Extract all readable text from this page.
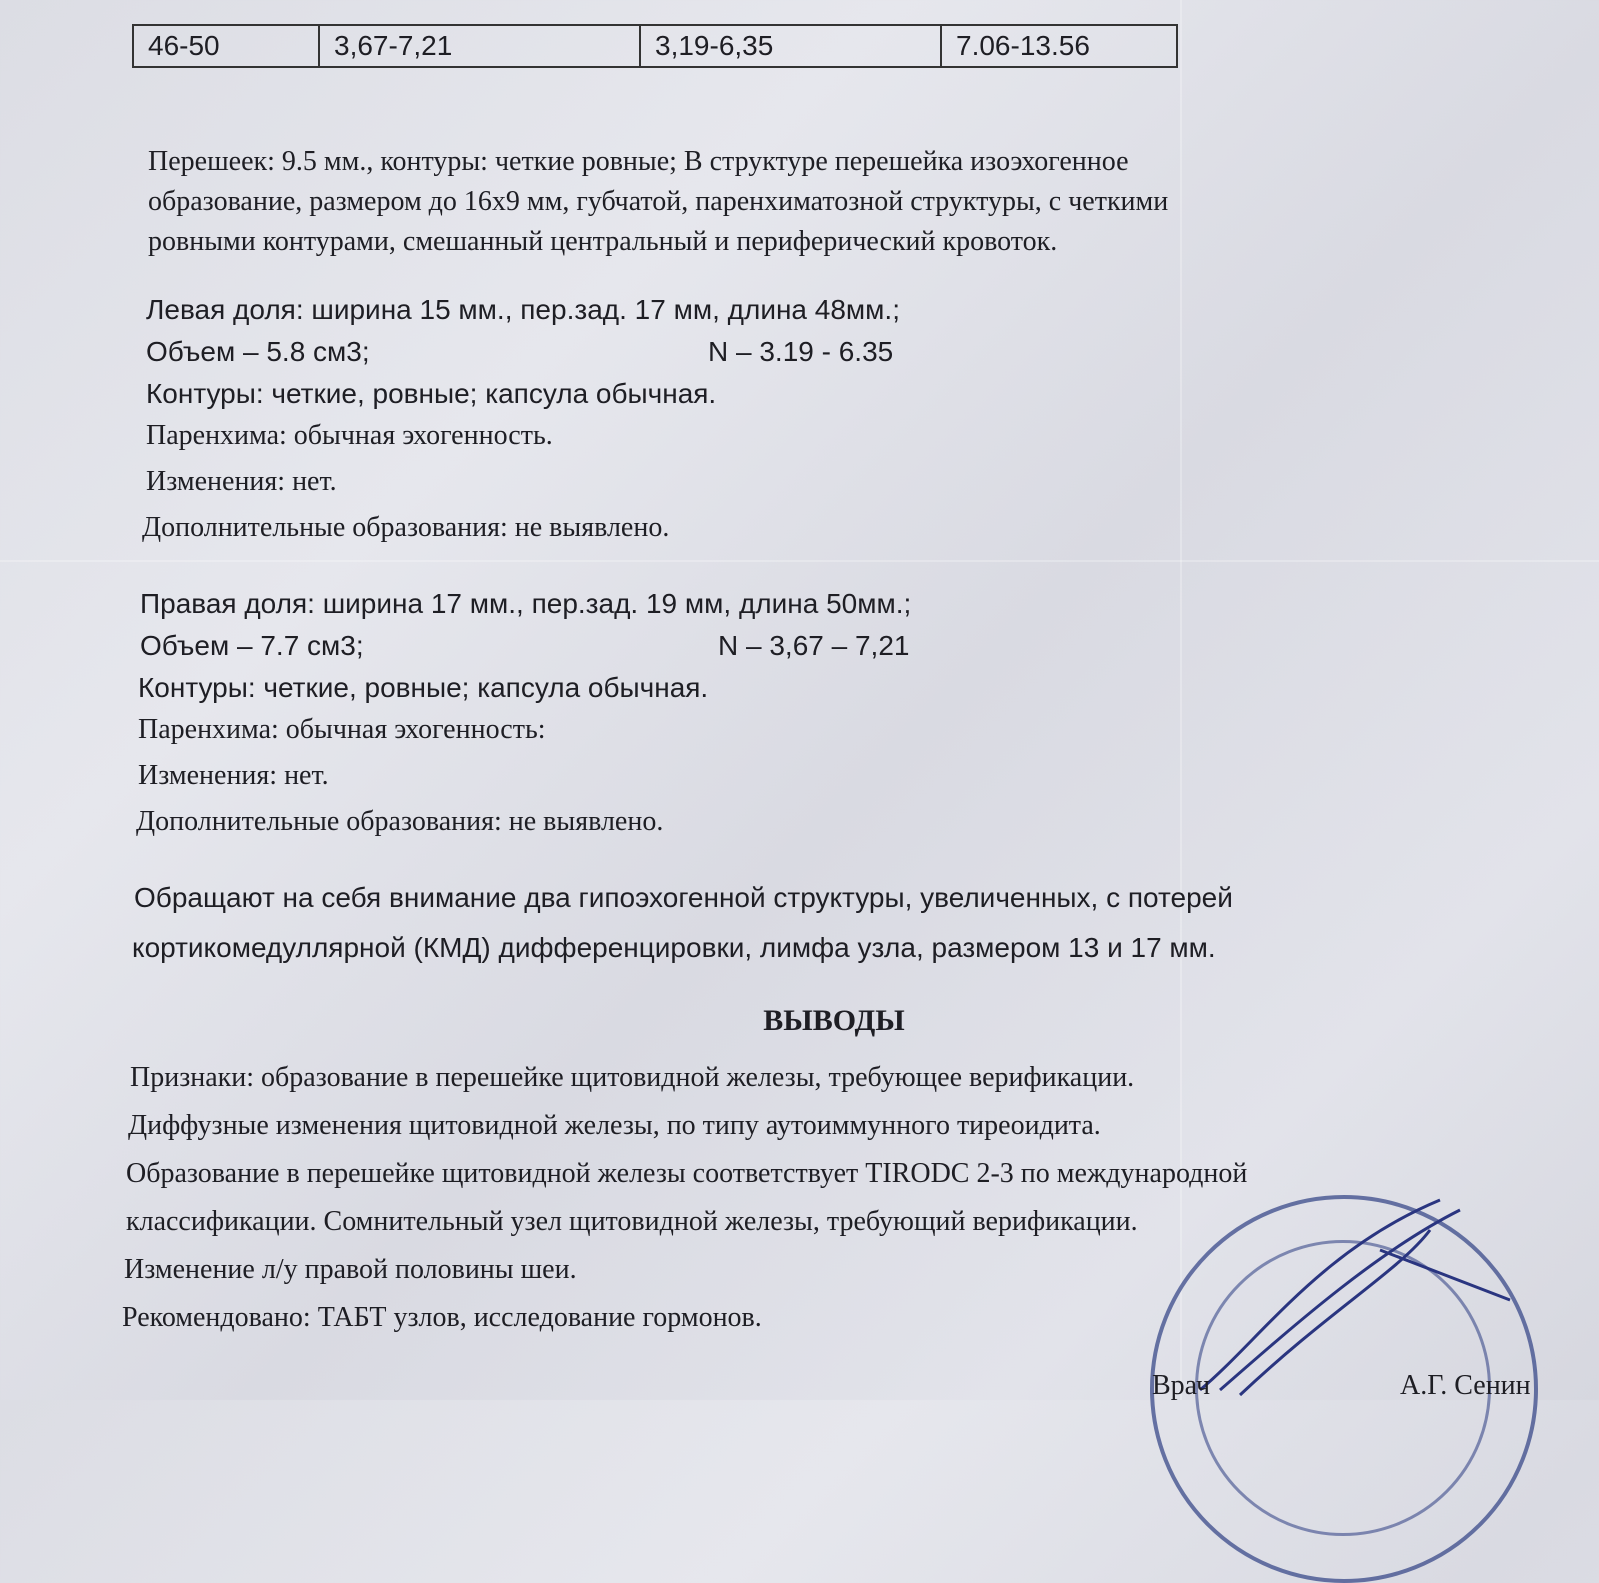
46-50	3,67-7,21	3,19-6,35	7.06-13.56
Перешеек: 9.5 мм., контуры: четкие ровные; В структуре перешейка изоэхогенное
образование, размером до 16х9 мм, губчатой, паренхиматозной структуры, с четкими
ровными контурами, смешанный центральный и периферический кровоток.
Левая доля: ширина 15 мм., пер.зад. 17 мм, длина 48мм.;
Объем – 5.8 см3;	N – 3.19 - 6.35
Контуры: четкие, ровные; капсула обычная.
Паренхима: обычная эхогенность.
Изменения: нет.
Дополнительные образования: не выявлено.
Правая доля: ширина 17 мм., пер.зад. 19 мм, длина 50мм.;
Объем – 7.7 см3;	N – 3,67 – 7,21
Контуры: четкие, ровные; капсула обычная.
Паренхима: обычная эхогенность:
Изменения: нет.
Дополнительные образования: не выявлено.
Обращают на себя внимание два гипоэхогенной структуры, увеличенных, с потерей
кортикомедуллярной (КМД) дифференцировки, лимфа узла, размером 13 и 17 мм.
ВЫВОДЫ
Признаки: образование в перешейке щитовидной железы, требующее верификации.
Диффузные изменения щитовидной железы, по типу аутоиммунного тиреоидита.
Образование в перешейке щитовидной железы соответствует TIRODC 2-3 по международной
классификации. Сомнительный узел щитовидной железы, требующий верификации.
Изменение л/у правой половины шеи.
Рекомендовано: ТАБТ узлов, исследование гормонов.
Врач	А.Г. Сенин
